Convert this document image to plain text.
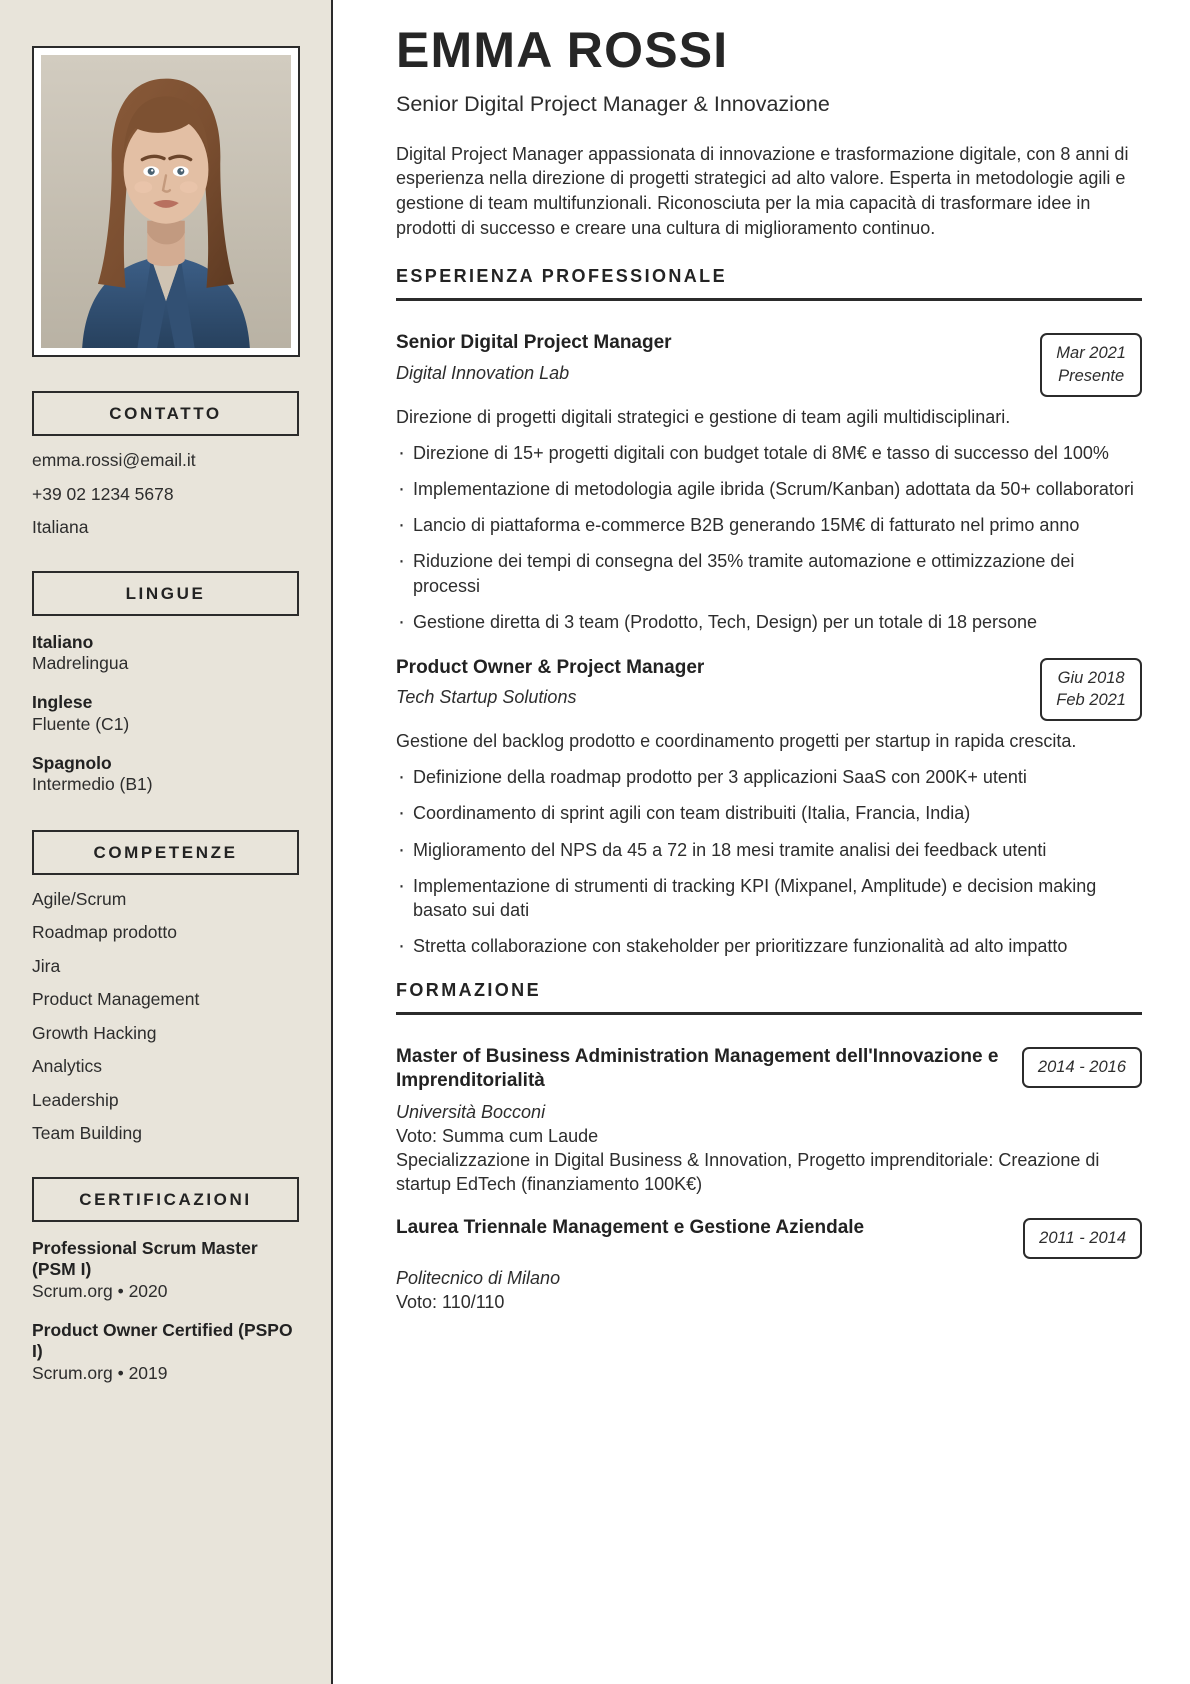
CONTATTO
emma.rossi@email.it
+39 02 1234 5678
Italiana
LINGUE
Italiano
Madrelingua
Inglese
Fluente (C1)
Spagnolo
Intermedio (B1)
COMPETENZE
Agile/Scrum
Roadmap prodotto
Jira
Product Management
Growth Hacking
Analytics
Leadership
Team Building
CERTIFICAZIONI
Professional Scrum Master (PSM I)
Scrum.org • 2020
Product Owner Certified (PSPO I)
Scrum.org • 2019
EMMA ROSSI
Senior Digital Project Manager & Innovazione

Digital Project Manager appassionata di innovazione e trasformazione digitale, con 8 anni di esperienza nella direzione di progetti strategici ad alto valore. Esperta in metodologie agili e gestione di team multifunzionali. Riconosciuta per la mia capacità di trasformare idee in prodotti di successo e creare una cultura di miglioramento continuo.

ESPERIENZA PROFESSIONALE
Senior Digital Project Manager
Digital Innovation Lab
Mar 2021
Presente
Direzione di progetti digitali strategici e gestione di team agili multidisciplinari.
· Direzione di 15+ progetti digitali con budget totale di 8M€ e tasso di successo del 100%
· Implementazione di metodologia agile ibrida (Scrum/Kanban) adottata da 50+ collaboratori
· Lancio di piattaforma e-commerce B2B generando 15M€ di fatturato nel primo anno
· Riduzione dei tempi di consegna del 35% tramite automazione e ottimizzazione dei processi
· Gestione diretta di 3 team (Prodotto, Tech, Design) per un totale di 18 persone
Product Owner & Project Manager
Tech Startup Solutions
Giu 2018
Feb 2021
Gestione del backlog prodotto e coordinamento progetti per startup in rapida crescita.
· Definizione della roadmap prodotto per 3 applicazioni SaaS con 200K+ utenti
· Coordinamento di sprint agili con team distribuiti (Italia, Francia, India)
· Miglioramento del NPS da 45 a 72 in 18 mesi tramite analisi dei feedback utenti
· Implementazione di strumenti di tracking KPI (Mixpanel, Amplitude) e decision making basato sui dati
· Stretta collaborazione con stakeholder per prioritizzare funzionalità ad alto impatto
FORMAZIONE
Master of Business Administration Management dell'Innovazione e Imprenditorialità
2014 - 2016
Università Bocconi
Voto: Summa cum Laude
Specializzazione in Digital Business & Innovation, Progetto imprenditoriale: Creazione di startup EdTech (finanziamento 100K€)
Laurea Triennale Management e Gestione Aziendale	2011 - 2014
Politecnico di Milano
Voto: 110/110
